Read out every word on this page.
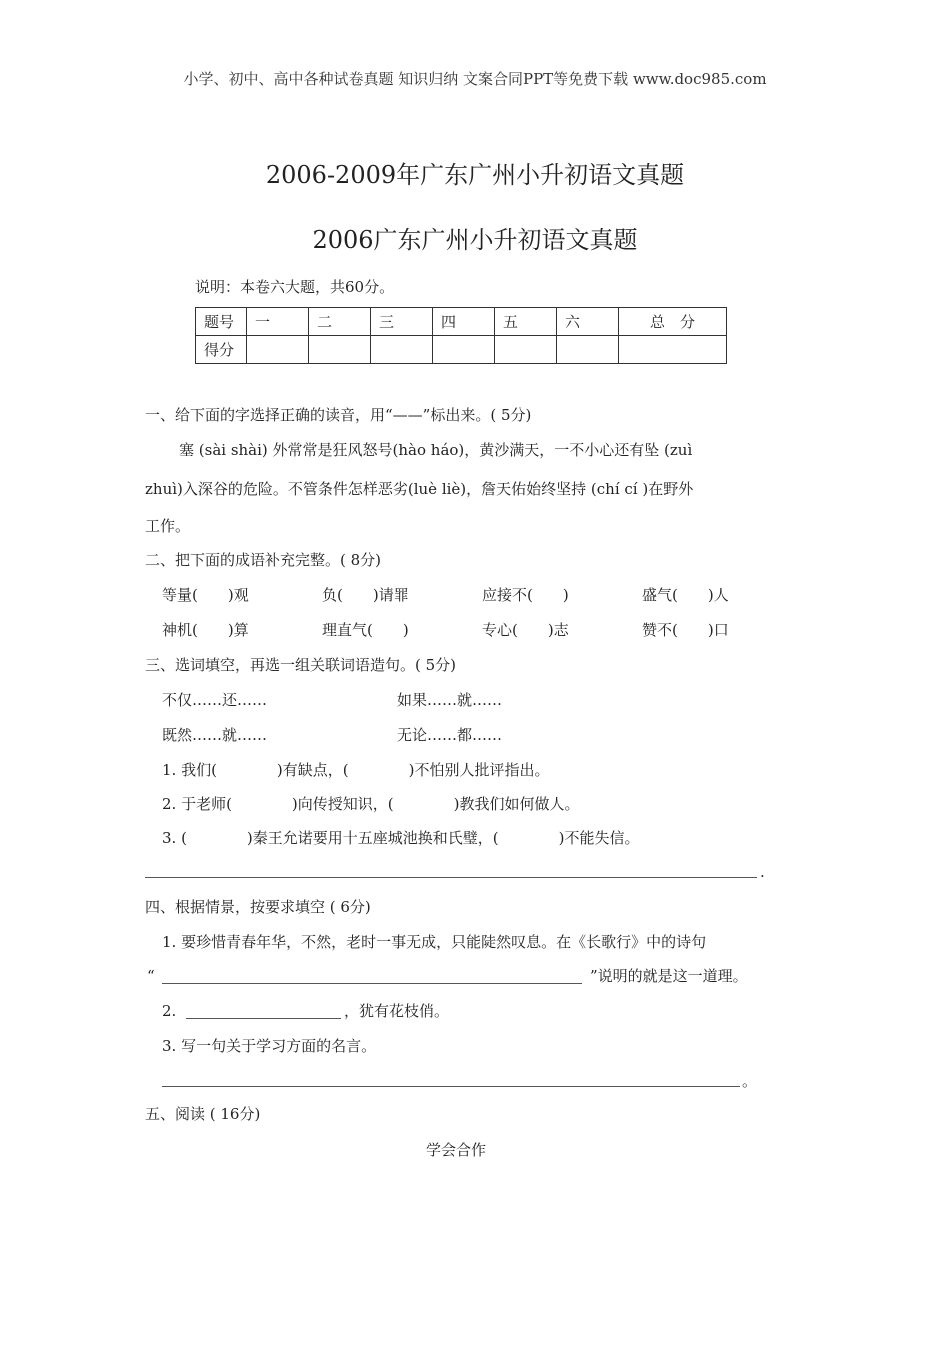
小学、初中、高中各种试卷真题 知识归纳 文案合同PPT等免费下载 www.doc985.com
2006-2009年广东广州小升初语文真题
2006广东广州小升初语文真题
说明：本卷六大题，共60分。
题号	一	二	三	四	五	六	总　分
得分							
一、给下面的字选择正确的读音，用“——”标出来。( 5分)
塞 (sài shài) 外常常是狂风怒号(hào háo)，黄沙满天，一不小心还有坠 (zuì
zhuì)入深谷的危险。不管条件怎样恶劣(luè liè)，詹天佑始终坚持 (chí cí )在野外
工作。
二、把下面的成语补充完整。( 8分)
等量(　　)观	负(　　)请罪	应接不(　　)	盛气(　　)人
神机(　　)算	理直气(　　)	专心(　　)志	赞不(　　)口
三、选词填空，再选一组关联词语造句。( 5分)
不仅……还……	如果……就……
既然……就……	无论……都……
1. 我们(　　　　)有缺点，(　　　　)不怕别人批评指出。
2. 于老师(　　　　)向传授知识，(　　　　)教我们如何做人。
3. (　　　　)秦王允诺要用十五座城池换和氏璧，(　　　　)不能失信。
.
四、根据情景，按要求填空 ( 6分)
1. 要珍惜青春年华，不然，老时一事无成，只能陡然叹息。在《长歌行》中的诗句
“	”说明的就是这一道理。
2.	，犹有花枝俏。
3. 写一句关于学习方面的名言。
。
五、阅读 ( 16分)
学会合作
